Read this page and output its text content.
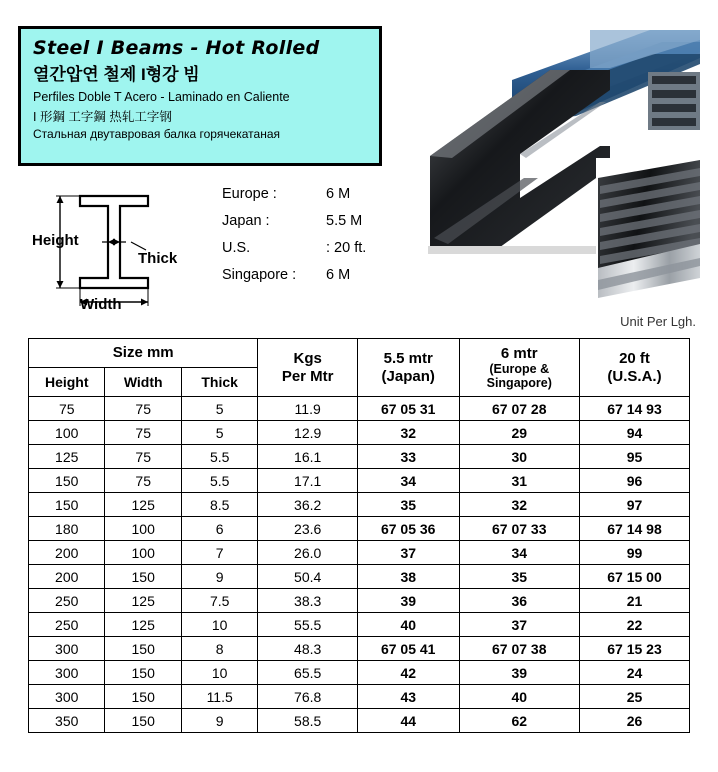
Steel I Beams - Hot Rolled
열간압연 철제 I형강 빔
Perfiles Doble T Acero - Laminado en Caliente
I 形鋼 工字鋼 热轧工字钢
Стальная двутавровая балка горячекатаная
Height
Thick
Width
Europe :	6 M
Japan :	5.5 M
U.S.	: 20 ft.
Singapore :	6 M
Unit Per Lgh.
Size mm	Kgs
Per Mtr

5.5 mtr
(Japan)

6 mtr
(Europe &
Singapore)

20 ft
(U.S.A.)

Height	Width	Thick				
75	75	5	11.9	67 05 31	67 07 28	67 14 93
100	75	5	12.9	32	29	94
125	75	5.5	16.1	33	30	95
150	75	5.5	17.1	34	31	96
150	125	8.5	36.2	35	32	97
180	100	6	23.6	67 05 36	67 07 33	67 14 98
200	100	7	26.0	37	34	99
200	150	9	50.4	38	35	67 15 00
250	125	7.5	38.3	39	36	21
250	125	10	55.5	40	37	22
300	150	8	48.3	67 05 41	67 07 38	67 15 23
300	150	10	65.5	42	39	24
300	150	11.5	76.8	43	40	25
350	150	9	58.5	44	62	26
